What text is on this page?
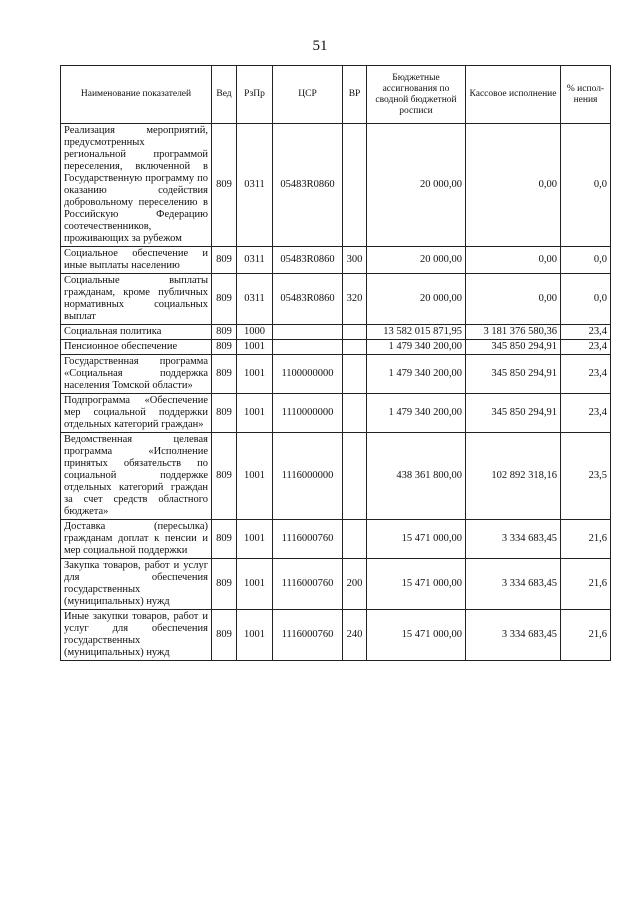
51
Наименование показателей	Вед	РзПр	ЦСР	ВР	Бюджетные ассигнования по сводной бюджетной росписи	Кассовое исполнение	% испол-нения
Реализация мероприятий, предусмотренных региональной программой переселения, включенной в Государственную программу по оказанию содействия добровольному переселению в Российскую Федерацию соотечественников, проживающих за рубежом	809	0311	05483R0860		20 000,00	0,00	0,0
Социальное обеспечение и иные выплаты населению	809	0311	05483R0860	300	20 000,00	0,00	0,0
Социальные выплаты гражданам, кроме публичных нормативных социальных выплат	809	0311	05483R0860	320	20 000,00	0,00	0,0
Социальная политика	809	1000			13 582 015 871,95	3 181 376 580,36	23,4
Пенсионное обеспечение	809	1001			1 479 340 200,00	345 850 294,91	23,4
Государственная программа «Социальная поддержка населения Томской области»	809	1001	1100000000		1 479 340 200,00	345 850 294,91	23,4
Подпрограмма «Обеспечение мер социальной поддержки отдельных категорий граждан»	809	1001	1110000000		1 479 340 200,00	345 850 294,91	23,4
Ведомственная целевая программа «Исполнение принятых обязательств по социальной поддержке отдельных категорий граждан за счет средств областного бюджета»	809	1001	1116000000		438 361 800,00	102 892 318,16	23,5
Доставка (пересылка) гражданам доплат к пенсии и мер социальной поддержки	809	1001	1116000760		15 471 000,00	3 334 683,45	21,6
Закупка товаров, работ и услуг для обеспечения государственных (муниципальных) нужд	809	1001	1116000760	200	15 471 000,00	3 334 683,45	21,6
Иные закупки товаров, работ и услуг для обеспечения государственных (муниципальных) нужд	809	1001	1116000760	240	15 471 000,00	3 334 683,45	21,6
